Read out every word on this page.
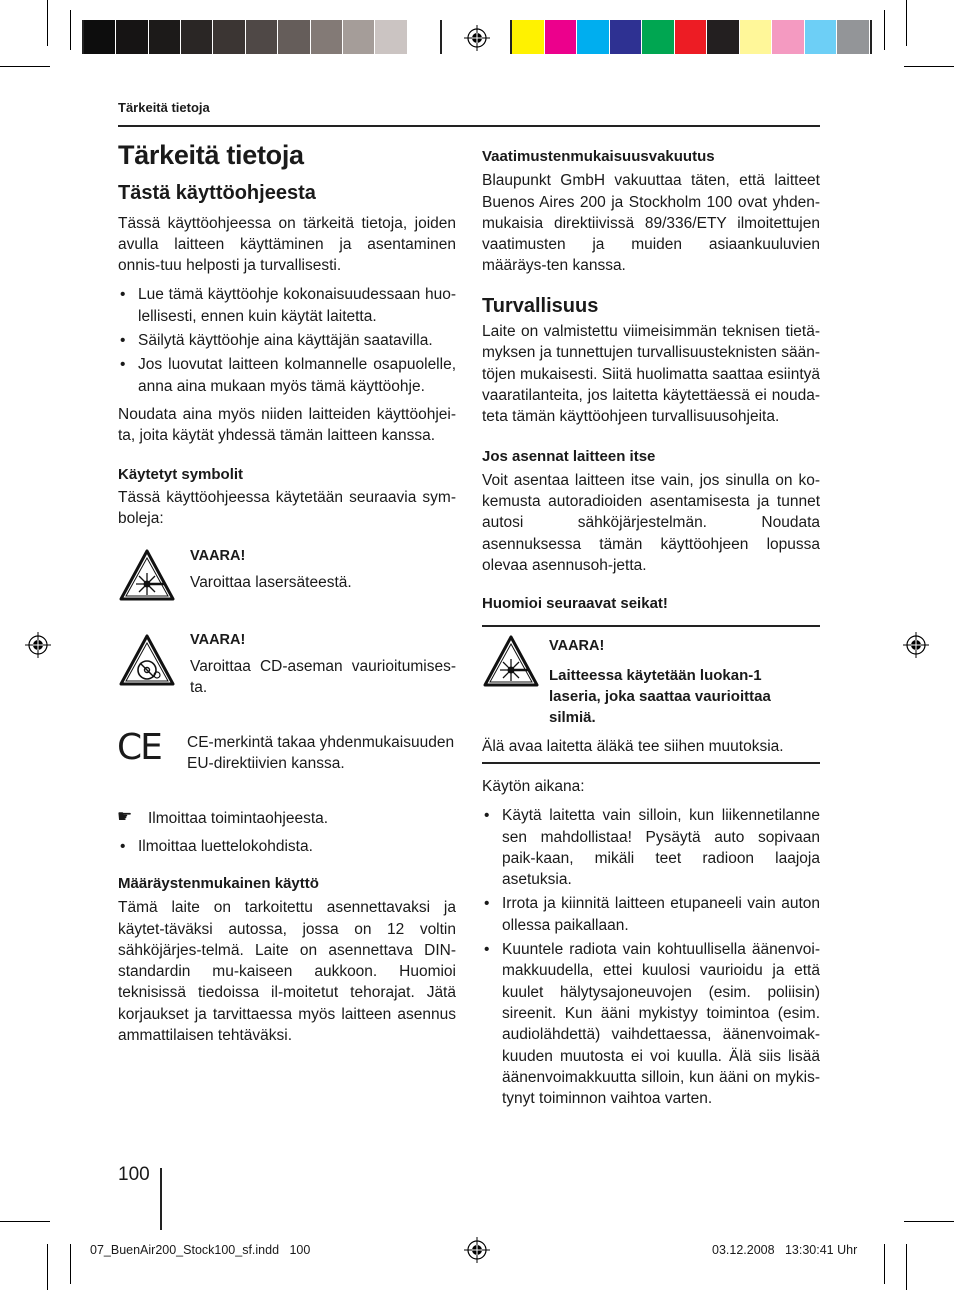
Tärkeitä tietoja
Tärkeitä tietoja
Tästä käyttöohjeesta

Tässä käyttöohjeessa on tärkeitä tietoja, joiden avulla laitteen käyttäminen ja asentaminen onnis-tuu helposti ja turvallisesti.

• Lue tämä käyttöohje kokonaisuudessaan huo-lellisesti, ennen kuin käytät laitetta.
• Säilytä käyttöohje aina käyttäjän saatavilla.
• Jos luovutat laitteen kolmannelle osapuolelle, anna aina mukaan myös tämä käyttöohje.

Noudata aina myös niiden laitteiden käyttöohjei-ta, joita käytät yhdessä tämän laitteen kanssa.

Käytetyt symbolit

Tässä käyttöohjeessa käytetään seuraavia sym-boleja:

VAARA!
Varoittaa lasersäteestä.
VAARA!
Varoittaa CD-aseman vaurioitumises-ta.
CE CE-merkintä takaa yhdenmukaisuuden EU-direktiivien kanssa.
☛ Ilmoittaa toimintaohjeesta.
• Ilmoittaa luettelokohdista.
Määräystenmukainen käyttö

Tämä laite on tarkoitettu asennettavaksi ja käytet-täväksi autossa, jossa on 12 voltin sähköjärjes-telmä. Laite on asennettava DIN-standardin mu-kaiseen aukkoon. Huomioi teknisissä tiedoissa il-moitetut tehorajat. Jätä korjaukset ja tarvittaessa myös laitteen asennus ammattilaisen tehtäväksi.

Vaatimustenmukaisuusvakuutus

Blaupunkt GmbH vakuuttaa täten, että laitteet Buenos Aires 200 ja Stockholm 100 ovat yhden-mukaisia direktiivissä 89/336/ETY ilmoitettujen vaatimusten ja muiden asiaankuuluvien määräys-ten kanssa.

Turvallisuus

Laite on valmistettu viimeisimmän teknisen tietä-myksen ja tunnettujen turvallisuusteknisten sään-töjen mukaisesti. Siitä huolimatta saattaa esiintyä vaaratilanteita, jos laitetta käytettäessä ei nouda-teta tämän käyttöohjeen turvallisuusohjeita.

Jos asennat laitteen itse

Voit asentaa laitteen itse vain, jos sinulla on ko-kemusta autoradioiden asentamisesta ja tunnet autosi sähköjärjestelmän. Noudata asennuksessa tämän käyttöohjeen lopussa olevaa asennusoh-jetta.

Huomioi seuraavat seikat!
VAARA!
Laitteessa käytetään luokan-1 laseria, joka saattaa vaurioittaa silmiä.
Älä avaa laitetta äläkä tee siihen muutoksia.

Käytön aikana:

• Käytä laitetta vain silloin, kun liikennetilanne sen mahdollistaa! Pysäytä auto sopivaan paik-kaan, mikäli teet radioon laajoja asetuksia.
• Irrota ja kiinnitä laitteen etupaneeli vain auton ollessa paikallaan.
• Kuuntele radiota vain kohtuullisella äänenvoi-makkuudella, ettei kuulosi vaurioidu ja että kuulet hälytysajoneuvojen (esim. poliisin) sireenit. Kun ääni mykistyy toimintoa (esim. audiolähdettä) vaihdettaessa, äänenvoimak-kuuden muutosta ei voi kuulla. Älä siis lisää äänenvoimakkuutta silloin, kun ääni on mykis-tynyt toiminnon vaihtoa varten.
100
07_BuenAir200_Stock100_sf.indd   100	03.12.2008   13:30:41 Uhr
